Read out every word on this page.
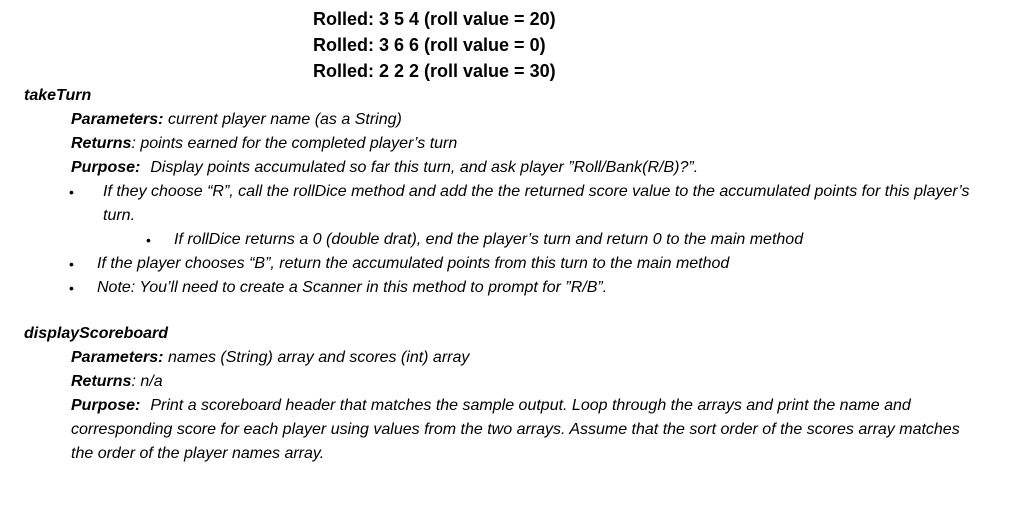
Rolled: 3 5 4 (roll value = 20)
Rolled: 3 6 6 (roll value = 0)
Rolled: 2 2 2 (roll value = 30)
takeTurn
Parameters: current player name (as a String)
Returns: points earned for the completed player’s turn
Purpose: Display points accumulated so far this turn, and ask player ”Roll/Bank(R/B)?”.
•	If they choose “R”, call the rollDice method and add the the returned score value to the accumulated points for this player’s turn.
• If rollDice returns a 0 (double drat), end the player’s turn and return 0 to the main method
• If the player chooses “B”, return the accumulated points from this turn to the main method
• Note: You’ll need to create a Scanner in this method to prompt for ”R/B”.
displayScoreboard
Parameters: names (String) array and scores (int) array
Returns: n/a
Purpose: Print a scoreboard header that matches the sample output. Loop through the arrays and print the name and corresponding score for each player using values from the two arrays. Assume that the sort order of the scores array matches the order of the player names array.
